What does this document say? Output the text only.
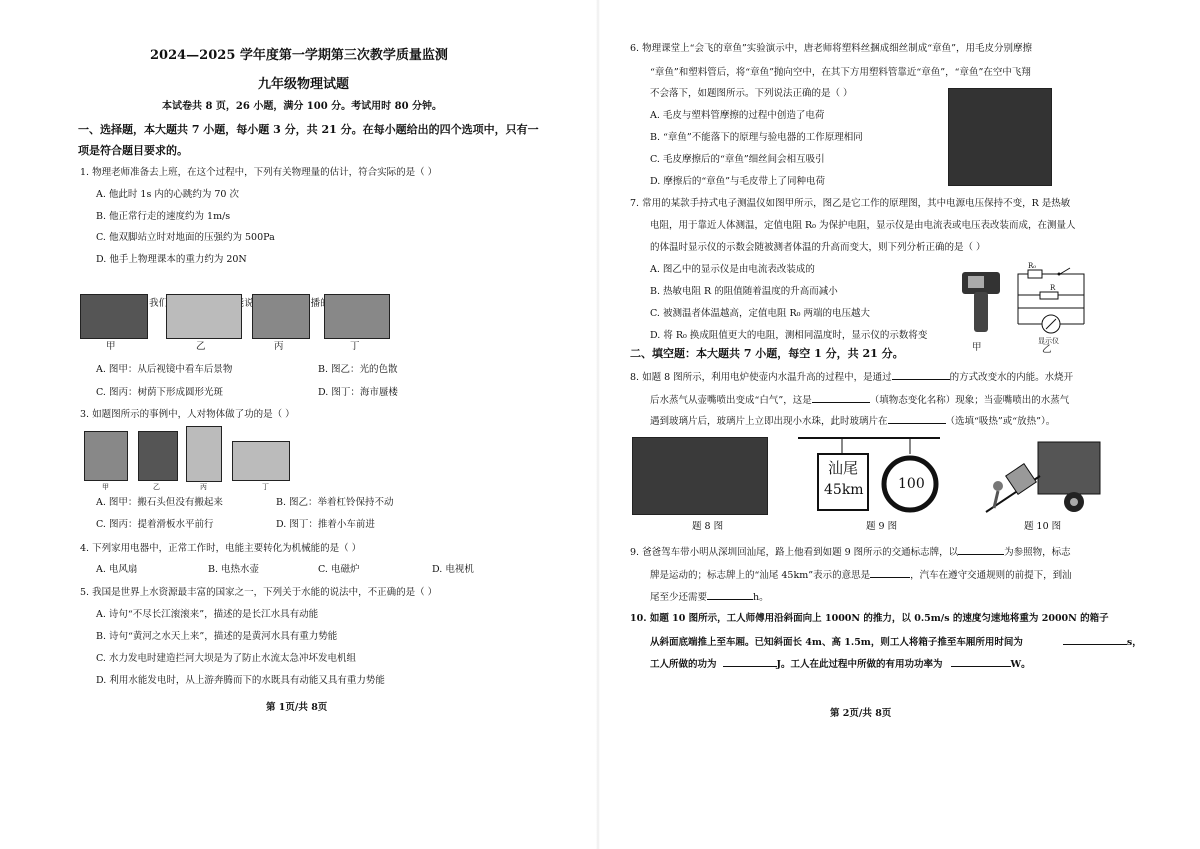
2024—2025 学年度第一学期第三次教学质量监测
九年级物理试题
本试卷共 8 页，26 小题，满分 100 分。考试用时 80 分钟。
一、选择题，本大题共 7 小题，每小题 3 分，共 21 分。在每小题给出的四个选项中，只有一
项是符合题目要求的。
1. 物理老师准备去上班，在这个过程中，下列有关物理量的估计，符合实际的是（ ）
A. 他此时 1s 内的心跳约为 70 次
B. 他正常行走的速度约为 1m/s
C. 他双脚站立时对地面的压强约为 500Pa
D. 他手上物理课本的重力约为 20N
甲	乙	丙	丁
A. 图甲：从后视镜中看车后景物	B. 图乙：光的色散
C. 图丙：树荫下形成圆形光斑	D. 图丁：海市蜃楼
3. 如题图所示的事例中，人对物体做了功的是（ ）
甲	乙	丙	丁
A. 图甲：搬石头但没有搬起来	B. 图乙：举着杠铃保持不动
C. 图丙：提着滑板水平前行	D. 图丁：推着小车前进
4. 下列家用电器中，正常工作时，电能主要转化为机械能的是（ ）
A. 电风扇	B. 电热水壶	C. 电磁炉	D. 电视机
5. 我国是世界上水资源最丰富的国家之一，下列关于水能的说法中，不正确的是（ ）
A. 诗句“不尽长江滚滚来”，描述的是长江水具有动能
B. 诗句“黄河之水天上来”，描述的是黄河水具有重力势能
C. 水力发电时建造拦河大坝是为了防止水流太急冲坏发电机组
D. 利用水能发电时，从上游奔腾而下的水既具有动能又具有重力势能
第 1页/共 8页
6. 物理课堂上“会飞的章鱼”实验演示中，唐老师将塑料丝捆成细丝制成“章鱼”，用毛皮分别摩擦
“章鱼”和塑料管后，将“章鱼”抛向空中，在其下方用塑料管靠近“章鱼”，“章鱼”在空中飞翔
不会落下，如题图所示。下列说法正确的是（ ）
A. 毛皮与塑料管摩擦的过程中创造了电荷
B. “章鱼”不能落下的原理与验电器的工作原理相同
C. 毛皮摩擦后的“章鱼”细丝间会相互吸引
D. 摩擦后的“章鱼”与毛皮带上了同种电荷
7. 常用的某款手持式电子测温仪如图甲所示，图乙是它工作的原理图，其中电源电压保持不变，R 是热敏
电阻，用于靠近人体测温，定值电阻 R₀ 为保护电阻，显示仪是由电流表或电压表改装而成，在测量人
的体温时显示仪的示数会随被测者体温的升高而变大，则下列分析正确的是（ ）
A. 图乙中的显示仪是由电流表改装成的
B. 热敏电阻 R 的阻值随着温度的升高而减小
C. 被测温者体温越高，定值电阻 R₀ 两端的电压越大
D. 将 R₀ 换成阻值更大的电阻，测相同温度时，显示仪的示数将变
甲
R₀
R
显示仪
乙
二、填空题：本大题共 7 小题，每空 1 分，共 21 分。
8. 如题 8 图所示，利用电炉使壶内水温升高的过程中，是通过	的方式改变水的内能。水烧开
后水蒸气从壶嘴喷出变成“白气”，这是	（填物态变化名称）现象；当壶嘴喷出的水蒸气
遇到玻璃片后，玻璃片上立即出现小水珠，此时玻璃片在	（选填“吸热”或“放热”）。
汕尾
45km 100
题 8 图	题 9 图	题 10 图
9. 爸爸驾车带小明从深圳回汕尾，路上他看到如题 9 图所示的交通标志牌，以	为参照物，标志
牌是运动的；标志牌上的“汕尾 45km”表示的意思是	，汽车在遵守交通规则的前提下，到汕
尾至少还需要	h。
10. 如题 10 图所示，工人师傅用沿斜面向上 1000N 的推力，以 0.5m/s 的速度匀速地将重为 2000N 的箱子
从斜面底端推上至车厢。已知斜面长 4m、高 1.5m，则工人将箱子推至车厢所用时间为	s，
工人所做的功为	J。工人在此过程中所做的有用功功率为	W。
第 2页/共 8页
